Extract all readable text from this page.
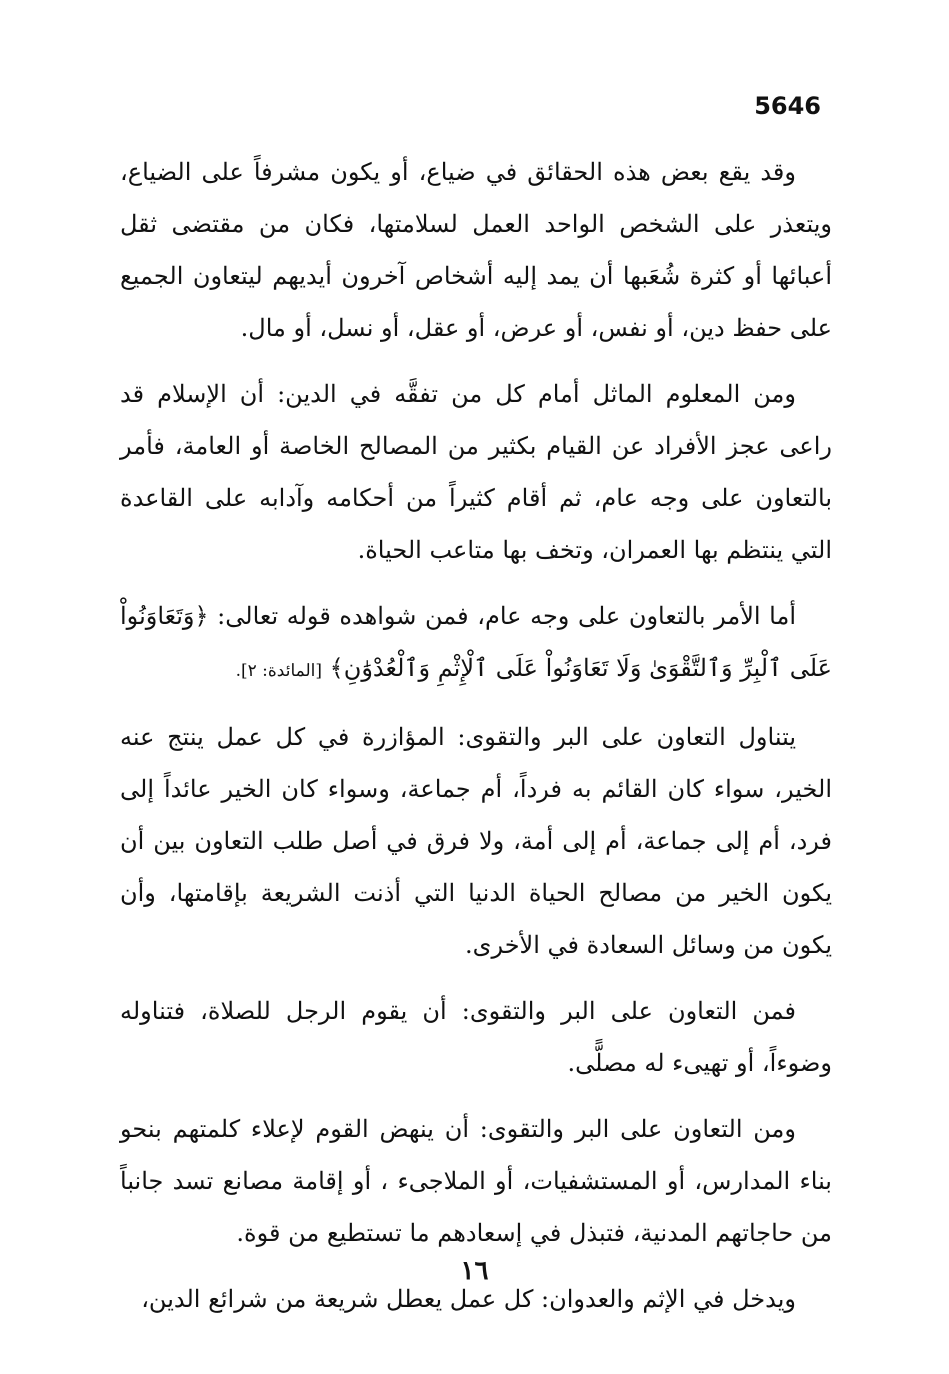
5646

وقد يقع بعض هذه الحقائق في ضياع، أو يكون مشرفاً على الضياع، ويتعذر على الشخص الواحد العمل لسلامتها، فكان من مقتضى ثقل أعبائها أو كثرة شُعَبها أن يمد إليه أشخاص آخرون أيديهم ليتعاون الجميع على حفظ دين، أو نفس، أو عرض، أو عقل، أو نسل، أو مال.

ومن المعلوم الماثل أمام كل من تفقَّه في الدين: أن الإسلام قد راعى عجز الأفراد عن القيام بكثير من المصالح الخاصة أو العامة، فأمر بالتعاون على وجه عام، ثم أقام كثيراً من أحكامه وآدابه على القاعدة التي ينتظم بها العمران، وتخف بها متاعب الحياة.

أما الأمر بالتعاون على وجه عام، فمن شواهده قوله تعالى: ﴿وَتَعَاوَنُواْ عَلَى ٱلْبِرِّ وَٱلتَّقْوَىٰ وَلَا تَعَاوَنُواْ عَلَى ٱلْإِثْمِ وَٱلْعُدْوَٰنِ﴾ [المائدة: ٢].

يتناول التعاون على البر والتقوى: المؤازرة في كل عمل ينتج عنه الخير، سواء كان القائم به فرداً، أم جماعة، وسواء كان الخير عائداً إلى فرد، أم إلى جماعة، أم إلى أمة، ولا فرق في أصل طلب التعاون بين أن يكون الخير من مصالح الحياة الدنيا التي أذنت الشريعة بإقامتها، وأن يكون من وسائل السعادة في الأخرى.

فمن التعاون على البر والتقوى: أن يقوم الرجل للصلاة، فتناوله وضوءاً، أو تهيىء له مصلًّى.

ومن التعاون على البر والتقوى: أن ينهض القوم لإعلاء كلمتهم بنحو بناء المدارس، أو المستشفيات، أو الملاجىء ، أو إقامة مصانع تسد جانباً من حاجاتهم المدنية، فتبذل في إسعادهم ما تستطيع من قوة.

ويدخل في الإثم والعدوان: كل عمل يعطل شريعة من شرائع الدين،

١٦
